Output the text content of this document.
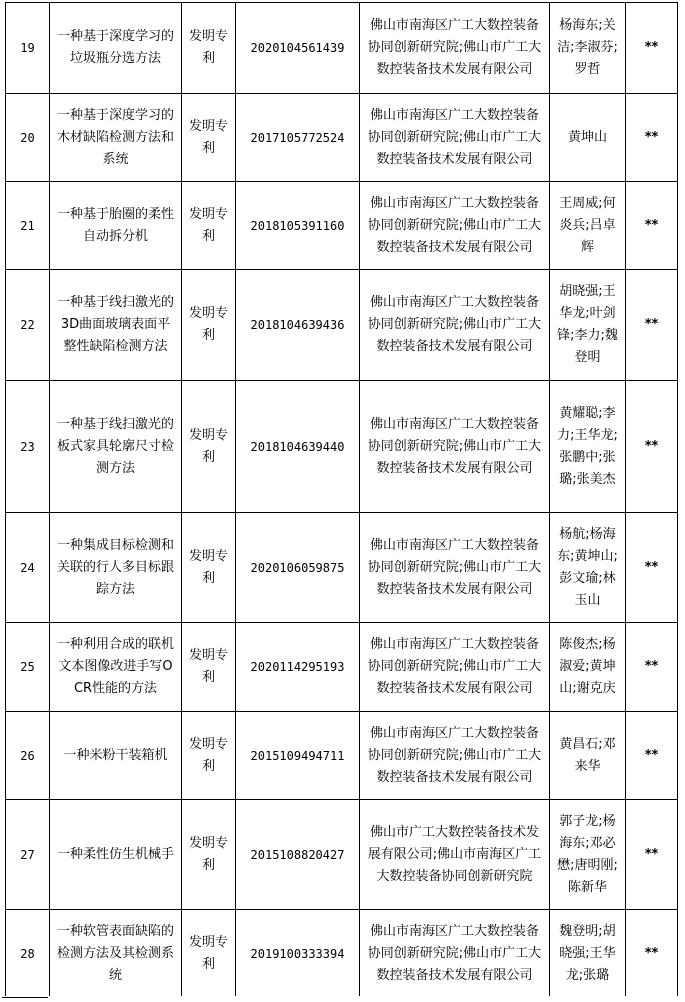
19	一种基于深度学习的垃圾瓶分选方法	发明专利	2020104561439	佛山市南海区广工大数控装备协同创新研究院;佛山市广工大数控装备技术发展有限公司	杨海东;关洁;李淑芬;罗哲	**
20	一种基于深度学习的木材缺陷检测方法和系统	发明专利	2017105772524	佛山市南海区广工大数控装备协同创新研究院;佛山市广工大数控装备技术发展有限公司	黄坤山	**
21	一种基于胎圈的柔性自动拆分机	发明专利	2018105391160	佛山市南海区广工大数控装备协同创新研究院;佛山市广工大数控装备技术发展有限公司	王周威;何炎兵;吕卓辉	**
22	一种基于线扫激光的3D曲面玻璃表面平整性缺陷检测方法	发明专利	2018104639436	佛山市南海区广工大数控装备协同创新研究院;佛山市广工大数控装备技术发展有限公司	胡晓强;王华龙;叶剑锋;李力;魏登明	**
23	一种基于线扫激光的板式家具轮廓尺寸检测方法	发明专利	2018104639440	佛山市南海区广工大数控装备协同创新研究院;佛山市广工大数控装备技术发展有限公司	黄耀聪;李力;王华龙;张鹏中;张璐;张美杰	**
24	一种集成目标检测和关联的行人多目标跟踪方法	发明专利	2020106059875	佛山市南海区广工大数控装备协同创新研究院;佛山市广工大数控装备技术发展有限公司	杨航;杨海东;黄坤山;彭文瑜;林玉山	**
25	一种利用合成的联机文本图像改进手写OCR性能的方法	发明专利	2020114295193	佛山市南海区广工大数控装备协同创新研究院;佛山市广工大数控装备技术发展有限公司	陈俊杰;杨淑爱;黄坤山;谢克庆	**
26	一种米粉干装箱机	发明专利	2015109494711	佛山市南海区广工大数控装备协同创新研究院;佛山市广工大数控装备技术发展有限公司	黄昌石;邓来华	**
27	一种柔性仿生机械手	发明专利	2015108820427	佛山市广工大数控装备技术发展有限公司;佛山市南海区广工大数控装备协同创新研究院	郭子龙;杨海东;邓必懋;唐明刚;陈新华	**
28	一种软管表面缺陷的检测方法及其检测系统	发明专利	2019100333394	佛山市南海区广工大数控装备协同创新研究院;佛山市广工大数控装备技术发展有限公司	魏登明;胡晓强;王华龙;张璐	**
